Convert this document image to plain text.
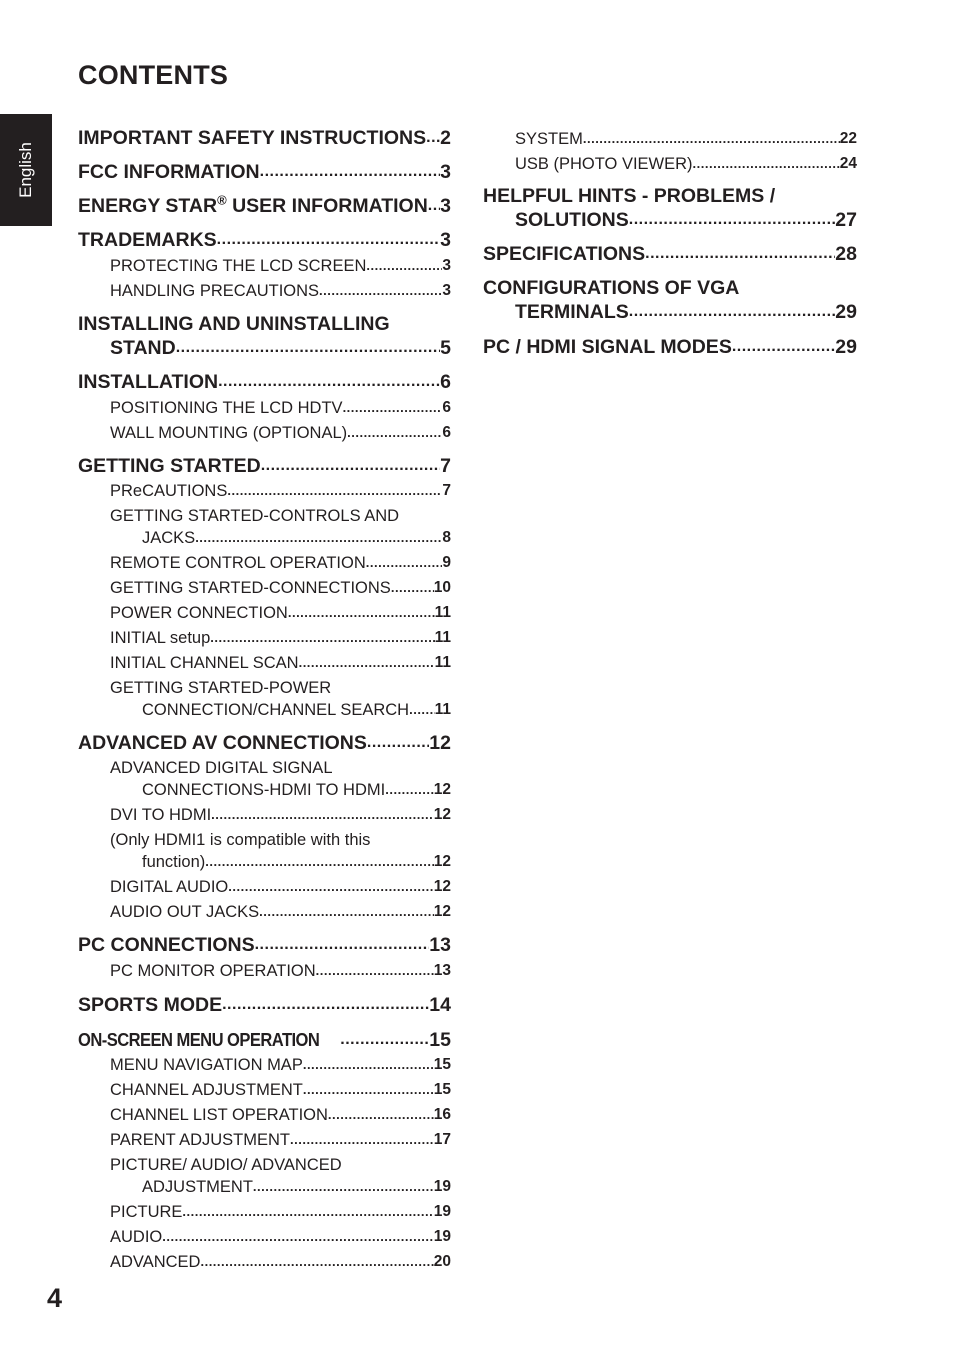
CONTENTS
English
IMPORTANT SAFETY INSTRUCTIONS ..... 2
FCC INFORMATION .....	3
ENERGY STAR® USER INFORMATION ..... 3
TRADEMARKS .....	3
PROTECTING THE LCD SCREEN .....	3
HANDLING PRECAUTIONS .....	3
INSTALLING AND UNINSTALLING
STAND .....	5
INSTALLATION .....	6
POSITIONING THE LCD HDTV .....	6
WALL MOUNTING (OPTIONAL) .....	6
GETTING STARTED .....	7
PReCAUTIONS .....	7
GETTING STARTED-CONTROLS AND
JACKS .....	8
REMOTE CONTROL OPERATION .....	9
GETTING STARTED-CONNECTIONS .....	10
POWER CONNECTION .....	11
INITIAL setup .....	11
INITIAL CHANNEL SCAN .....	11
GETTING STARTED-POWER
CONNECTION/CHANNEL SEARCH ..... 11
ADVANCED AV CONNECTIONS .....	12
ADVANCED DIGITAL SIGNAL
CONNECTIONS-HDMI TO HDMI .....	12
DVI TO HDMI .....	12
(Only HDMI1 is compatible with this
function) .....	12
DIGITAL AUDIO .....	12
AUDIO OUT JACKS .....	12
PC CONNECTIONS .....	13
PC MONITOR OPERATION .....	13
SPORTS MODE .....	14
ON-SCREEN MENU OPERATION .....	15
MENU NAVIGATION MAP .....	15
CHANNEL ADJUSTMENT .....	15
CHANNEL LIST OPERATION .....	16
PARENT ADJUSTMENT .....	17
PICTURE/ AUDIO/ ADVANCED
ADJUSTMENT .....	19
PICTURE .....	19
AUDIO .....	19
ADVANCED .....	20
SYSTEM .....	22
USB (PHOTO VIEWER) .....	24
HELPFUL HINTS - PROBLEMS /
SOLUTIONS .....	27
SPECIFICATIONS .....	28
CONFIGURATIONS OF VGA
TERMINALS .....	29
PC / HDMI SIGNAL MODES .....	29
4
